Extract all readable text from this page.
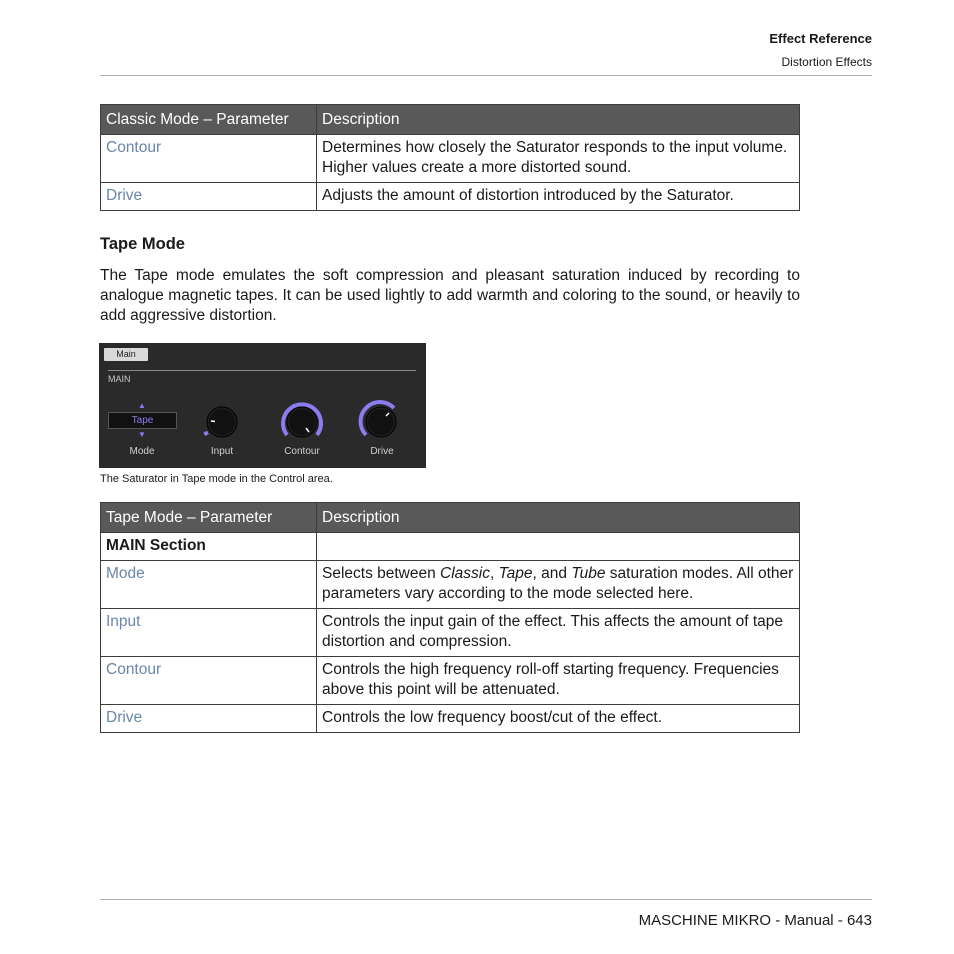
Effect Reference
Distortion Effects
Classic Mode – Parameter	Description
Contour	Determines how closely the Saturator responds to the input volume. Higher values create a more distorted sound.
Drive	Adjusts the amount of distortion introduced by the Saturator.
Tape Mode
The Tape mode emulates the soft compression and pleasant saturation induced by recording to analogue magnetic tapes. It can be used lightly to add warmth and coloring to the sound, or heavily to add aggressive distortion.
Main
MAIN
▲
Tape
▼
Mode	Input	Contour	Drive
The Saturator in Tape mode in the Control area.
Tape Mode – Parameter	Description
MAIN Section	
Mode	Selects between Classic, Tape, and Tube saturation modes. All other parameters vary according to the mode selected here.
Input	Controls the input gain of the effect. This affects the amount of tape distortion and compression.
Contour	Controls the high frequency roll-off starting frequency. Frequencies above this point will be attenuated.
Drive	Controls the low frequency boost/cut of the effect.
MASCHINE MIKRO - Manual - 643
